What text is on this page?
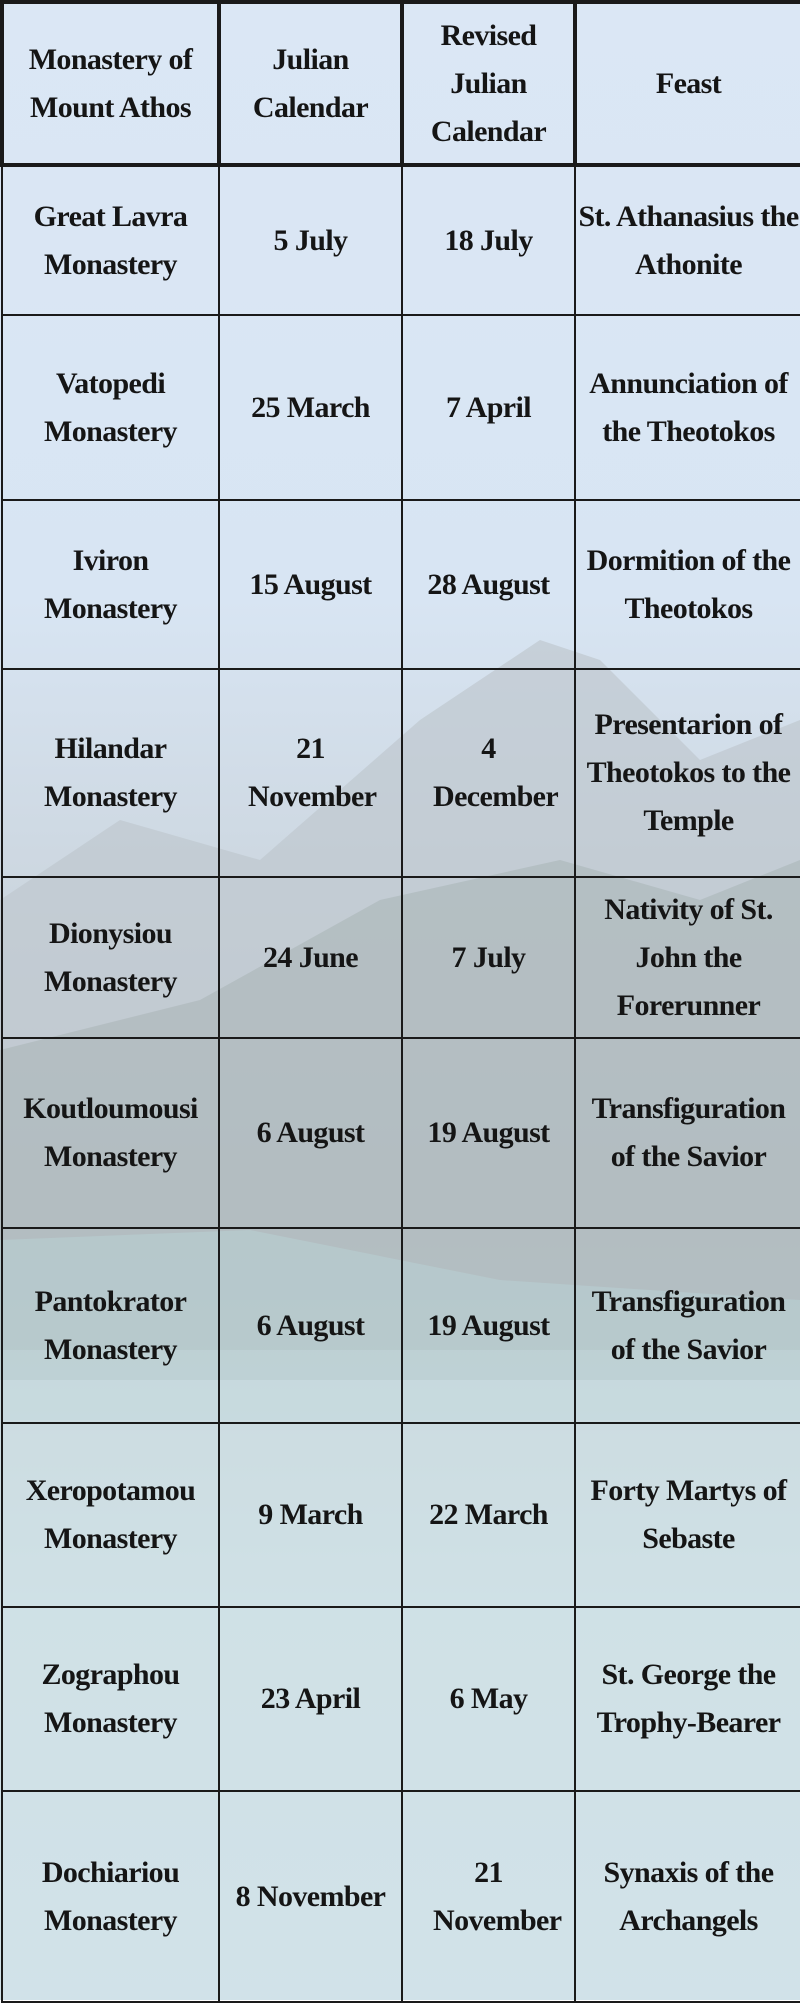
Monastery of Mount Athos	Julian Calendar	Revised Julian Calendar	Feast
Great Lavra Monastery	5 July	18 July	St. Athanasius the Athonite
Vatopedi Monastery	25 March	7 April	Annunciation of the Theotokos
Iviron Monastery	15 August	28 August	Dormition of the Theotokos
Hilandar Monastery	21 November	4 December	Presentarion of Theotokos to the Temple
Dionysiou Monastery	24 June	7 July	Nativity of St. John the Forerunner
Koutloumousi Monastery	6 August	19 August	Transfiguration of the Savior
Pantokrator Monastery	6 August	19 August	Transfiguration of the Savior
Xeropotamou Monastery	9 March	22 March	Forty Martys of Sebaste
Zographou Monastery	23 April	6 May	St. George the Trophy-Bearer
Dochiariou Monastery	8 November	21 November	Synaxis of the Archangels
